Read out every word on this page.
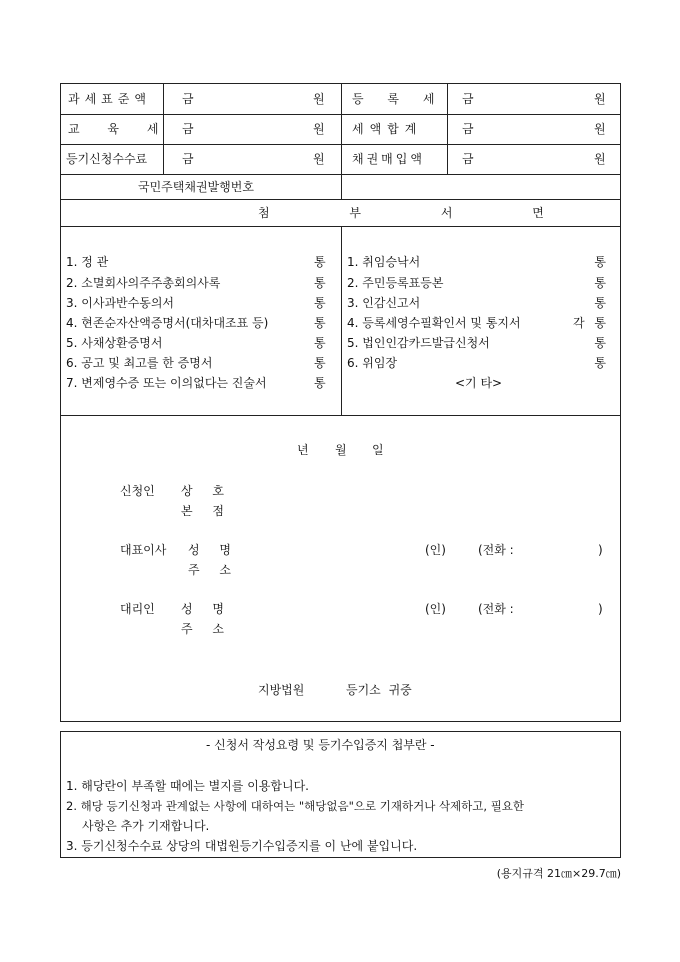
과세표준액	금	원 등 록 세 금	원
교 육 세 금	원 세액합계	금	원
등기신청수수료	금	원 채권매입액	금	원
국민주택채권발행번호
첨 부 서 면
1. 정 관	통
2. 소멸회사의주주총회의사록	통
3. 이사과반수동의서	통
4. 현존순자산액증명서(대차대조표 등)	통
5. 사채상환증명서	통
6. 공고 및 최고를 한 증명서	통
7. 변제영수증 또는 이의없다는 진술서	통
1. 취임승낙서	통
2. 주민등록표등본	통
3. 인감신고서	통
4. 등록세영수필확인서 및 통지서	각 통
5. 법인인감카드발급신청서	통
6. 위임장	통
<기 타>
년 월 일
신청인 상 호
본 점
대표이사 성 명	(인)	(전화 :	)
주 소
대리인 성 명	(인)	(전화 :	)
주 소
지방법원	등기소 귀중
- 신청서 작성요령 및 등기수입증지 첩부란 -
1. 해당란이 부족할 때에는 별지를 이용합니다.
2. 해당 등기신청과 관계없는 사항에 대하여는 "해당없음"으로 기재하거나 삭제하고, 필요한
사항은 추가 기재합니다.
3. 등기신청수수료 상당의 대법원등기수입증지를 이 난에 붙입니다.
(용지규격 21㎝×29.7㎝)
